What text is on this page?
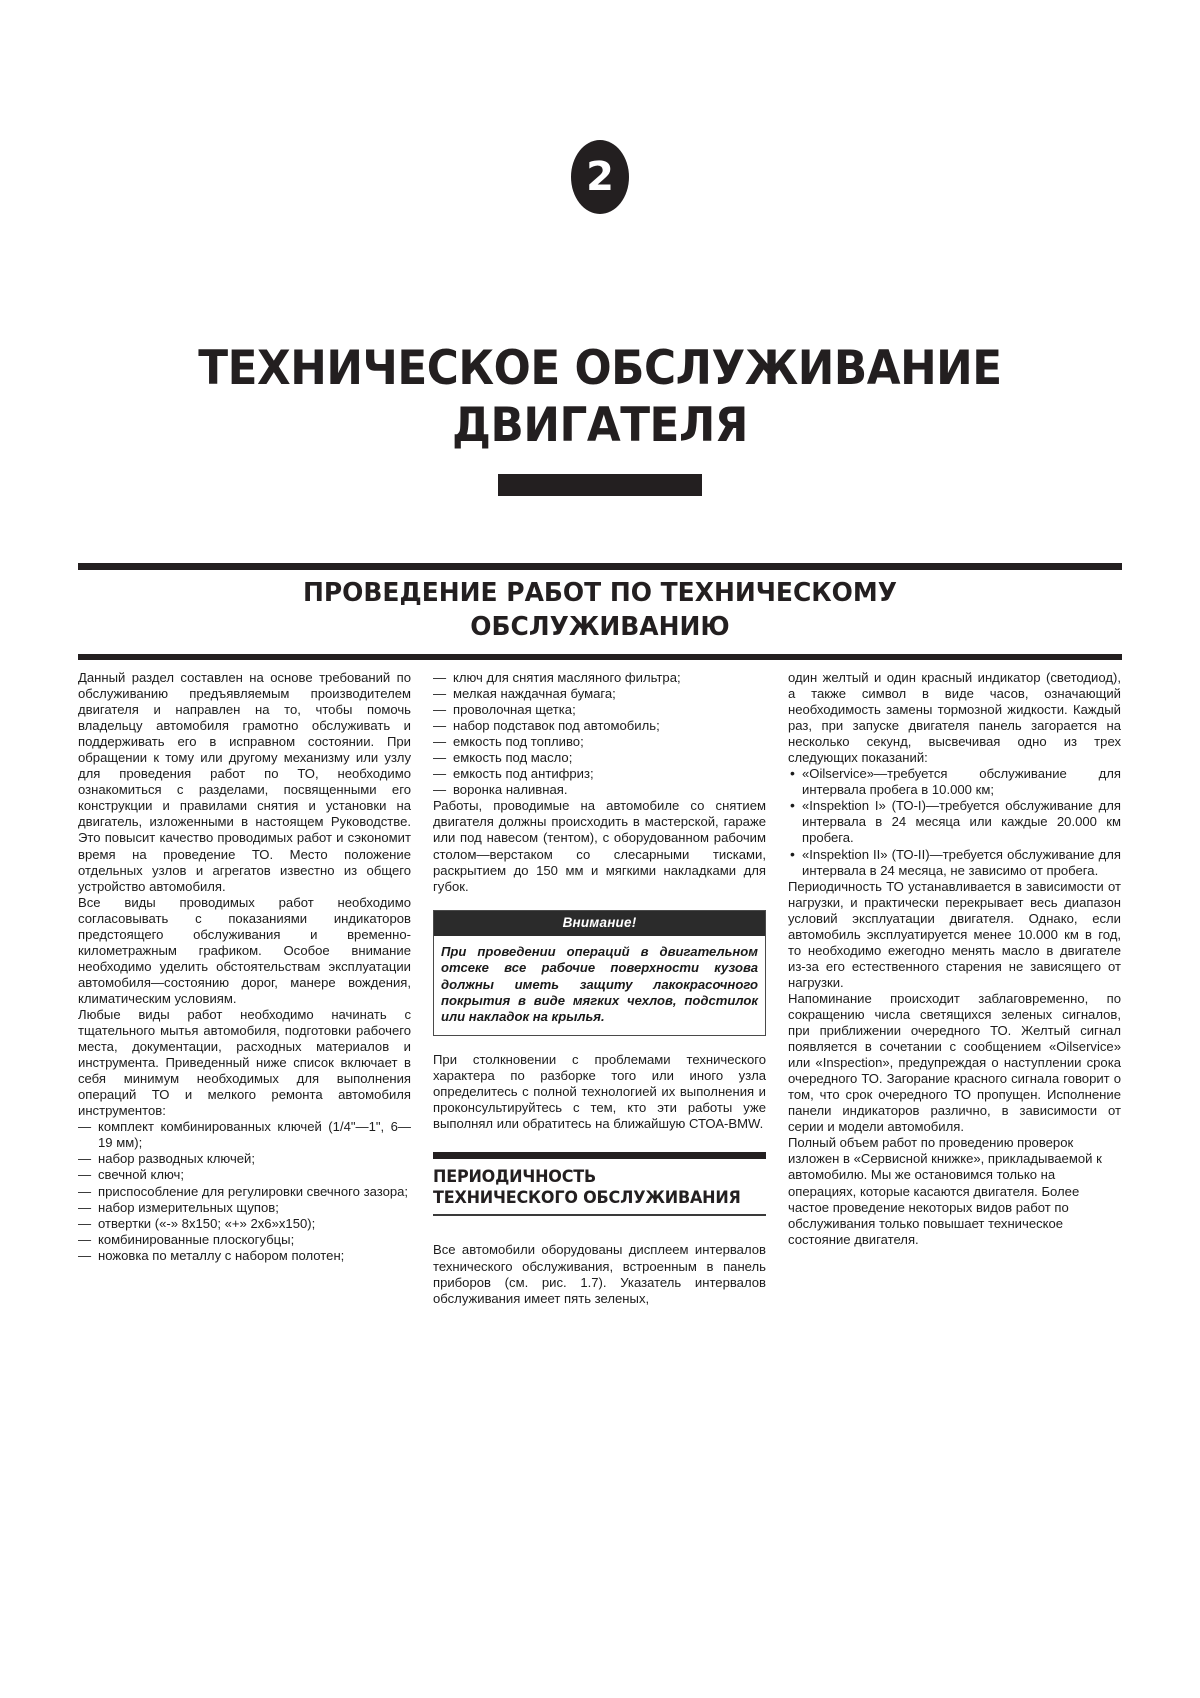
2
ТЕХНИЧЕСКОЕ ОБСЛУЖИВАНИЕ
ДВИГАТЕЛЯ
ПРОВЕДЕНИЕ РАБОТ ПО ТЕХНИЧЕСКОМУ
ОБСЛУЖИВАНИЮ

Данный раздел составлен на основе требований по обслуживанию предъявляемым производителем двигателя и направлен на то, чтобы помочь владельцу автомобиля грамотно обслуживать и поддерживать его в исправном состоянии. При обращении к тому или другому механизму или узлу для проведения работ по ТО, необходимо ознакомиться с разделами, посвященными его конструкции и правилами снятия и установки на двигатель, изложенными в настоящем Руководстве. Это повысит качество проводимых работ и сэкономит время на проведение ТО. Место положение отдельных узлов и агрегатов известно из общего устройство автомобиля.

Все виды проводимых работ необходимо согласовывать с показаниями индикаторов предстоящего обслуживания и временно-километражным графиком. Особое внимание необходимо уделить обстоятельствам эксплуатации автомобиля—состоянию дорог, манере вождения, климатическим условиям.

Любые виды работ необходимо начинать с тщательного мытья автомобиля, подготовки рабочего места, документации, расходных материалов и инструмента. Приведенный ниже список включает в себя минимум необходимых для выполнения операций ТО и мелкого ремонта автомобиля инструментов:

— комплект комбинированных ключей (1/4"—1", 6—19 мм);
— набор разводных ключей;
— свечной ключ;
— приспособление для регулировки свечного зазора;
— набор измерительных щупов;
— отвертки («-» 8х150; «+» 2х6»х150);
— комбинированные плоскогубцы;
— ножовка по металлу с набором полотен;
— ключ для снятия масляного фильтра;
— мелкая наждачная бумага;
— проволочная щетка;
— набор подставок под автомобиль;
— емкость под топливо;
— емкость под масло;
— емкость под антифриз;
— воронка наливная.

Работы, проводимые на автомобиле со снятием двигателя должны происходить в мастерской, гараже или под навесом (тентом), с оборудованном рабочим столом—верстаком со слесарными тисками, раскрытием до 150 мм и мягкими накладками для губок.

Внимание!
При проведении операций в двигательном отсеке все рабочие поверхности кузова должны иметь защиту лакокрасочного покрытия в виде мягких чехлов, подстилок или накладок на крылья.

При столкновении с проблемами технического характера по разборке того или иного узла определитесь с полной технологией их выполнения и проконсультируйтесь с тем, кто эти работы уже выполнял или обратитесь на ближайшую СТОА-BMW.

ПЕРИОДИЧНОСТЬ
ТЕХНИЧЕСКОГО ОБСЛУЖИВАНИЯ

Все автомобили оборудованы дисплеем интервалов технического обслуживания, встроенным в панель приборов (см. рис. 1.7). Указатель интервалов обслуживания имеет пять зеленых,

один желтый и один красный индикатор (светодиод), а также символ в виде часов, означающий необходимость замены тормозной жидкости. Каждый раз, при запуске двигателя панель загорается на несколько секунд, высвечивая одно из трех следующих показаний:

• «Oilservice»—требуется обслуживание для интервала пробега в 10.000 км;
• «Inspektion I» (ТО-I)—требуется обслуживание для интервала в 24 месяца или каждые 20.000 км пробега.
• «Inspektion II» (ТО-II)—требуется обслуживание для интервала в 24 месяца, не зависимо от пробега.

Периодичность ТО устанавливается в зависимости от нагрузки, и практически перекрывает весь диапазон условий эксплуатации двигателя. Однако, если автомобиль эксплуатируется менее 10.000 км в год, то необходимо ежегодно менять масло в двигателе из-за его естественного старения не зависящего от нагрузки.

Напоминание происходит заблаговременно, по сокращению числа светящихся зеленых сигналов, при приближении очередного ТО. Желтый сигнал появляется в сочетании с сообщением «Oilservice» или «Inspection», предупреждая о наступлении срока очередного ТО. Загорание красного сигнала говорит о том, что срок очередного ТО пропущен. Исполнение панели индикаторов различно, в зависимости от серии и модели автомобиля.

Полный объем работ по проведению проверок изложен в «Сервисной книжке», прикладываемой к автомобилю. Мы же остановимся только на операциях, которые касаются двигателя. Более частое проведение некоторых видов работ по обслуживания только повышает техническое состояние двигателя.
